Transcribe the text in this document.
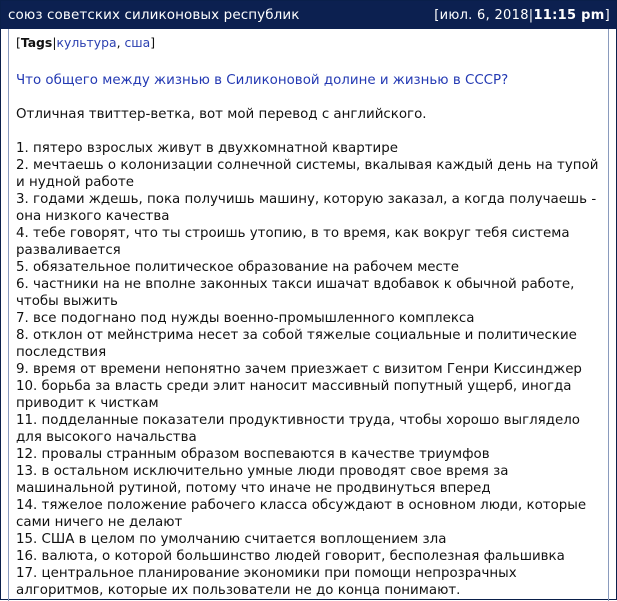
союз советских силиконовых республик	[июл. 6, 2018|11:15 pm]
[Tags|культура, сша]
Что общего между жизнью в Силиконовой долине и жизнью в СССР?
Отличная твиттер-ветка, вот мой перевод с английского.
1. пятеро взрослых живут в двухкомнатной квартире
2. мечтаешь о колонизации солнечной системы, вкалывая каждый день на тупой и нудной работе
3. годами ждешь, пока получишь машину, которую заказал, а когда получаешь - она низкого качества
4. тебе говорят, что ты строишь утопию, в то время, как вокруг тебя система разваливается
5. обязательное политическое образование на рабочем месте
6. частники на не вполне законных такси ишачат вдобавок к обычной работе, чтобы выжить
7. все подогнано под нужды военно-промышленного комплекса
8. отклон от мейнстрима несет за собой тяжелые социальные и политические последствия
9. время от времени непонятно зачем приезжает с визитом Генри Киссинджер
10. борьба за власть среди элит наносит массивный попутный ущерб, иногда приводит к чисткам
11. подделанные показатели продуктивности труда, чтобы хорошо выглядело для высокого начальства
12. провалы странным образом воспеваются в качестве триумфов
13. в остальном исключительно умные люди проводят свое время за машинальной рутиной, потому что иначе не продвинуться вперед
14. тяжелое положение рабочего класса обсуждают в основном люди, которые сами ничего не делают
15. США в целом по умолчанию считается воплощением зла
16. валюта, о которой большинство людей говорит, бесполезная фальшивка
17. центральное планирование экономики при помощи непрозрачных алгоритмов, которые их пользователи не до конца понимают.
